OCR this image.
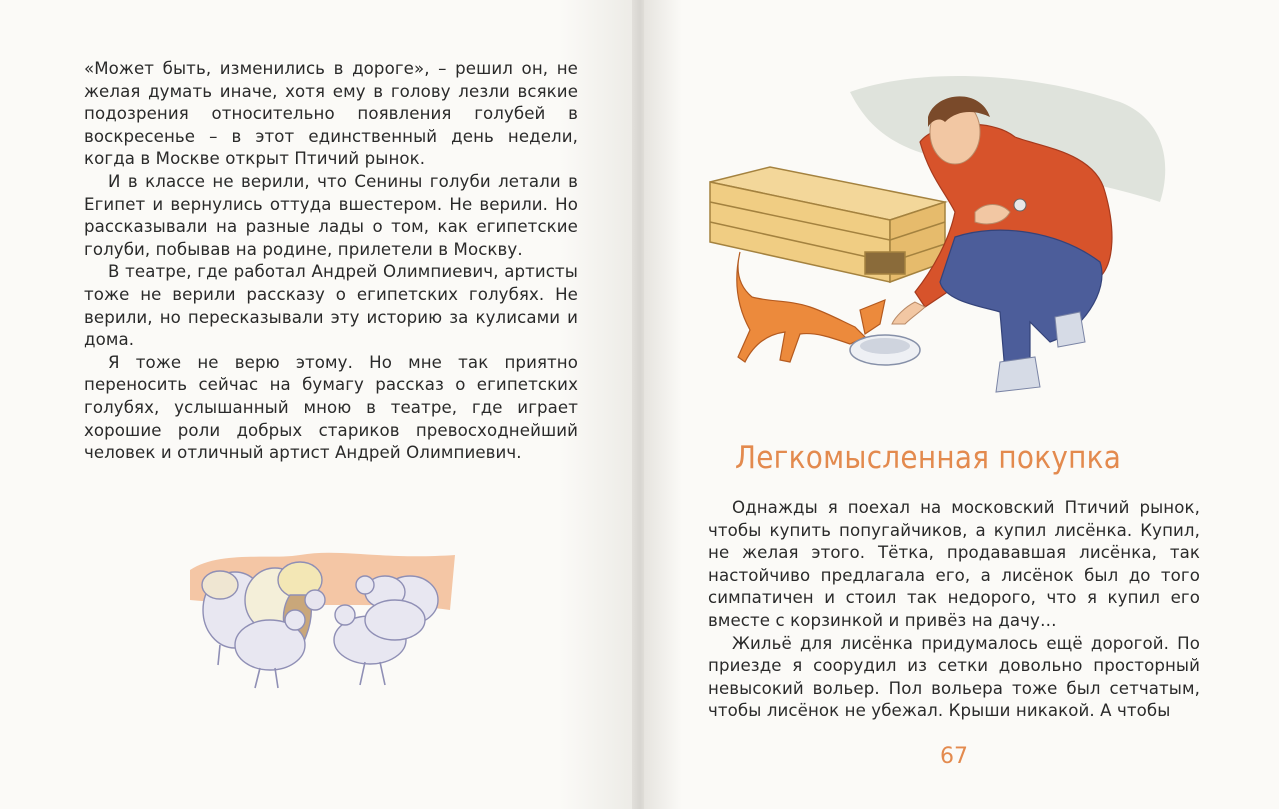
«Может быть, изменились в дороге», – решил он, не желая думать иначе, хотя ему в голову лезли всякие подозрения относительно появления голубей в воскресенье – в этот единственный день недели, когда в Москве открыт Птичий рынок.

И в классе не верили, что Сенины голуби летали в Египет и вернулись оттуда вшестером. Не верили. Но рассказывали на разные лады о том, как египетские голуби, побывав на родине, прилетели в Москву.

В театре, где работал Андрей Олимпиевич, артисты тоже не верили рассказу о египетских голубях. Не верили, но пересказывали эту историю за кулисами и дома.

Я тоже не верю этому. Но мне так приятно переносить сейчас на бумагу рассказ о египетских голубях, услышанный мною в театре, где играет хорошие роли добрых стариков превосходнейший человек и отличный артист Андрей Олимпиевич.	Легкомысленная покупка

Однажды я поехал на московский Птичий рынок, чтобы купить попугайчиков, а купил лисёнка. Купил, не желая этого. Тётка, продававшая лисёнка, так настойчиво предлагала его, а лисёнок был до того симпатичен и стоил так недорого, что я купил его вместе с корзинкой и привёз на дачу…

Жильё для лисёнка придумалось ещё дорогой. По приезде я соорудил из сетки довольно просторный невысокий вольер. Пол вольера тоже был сетчатым, чтобы лисёнок не убежал. Крыши никакой. А чтобы

67
